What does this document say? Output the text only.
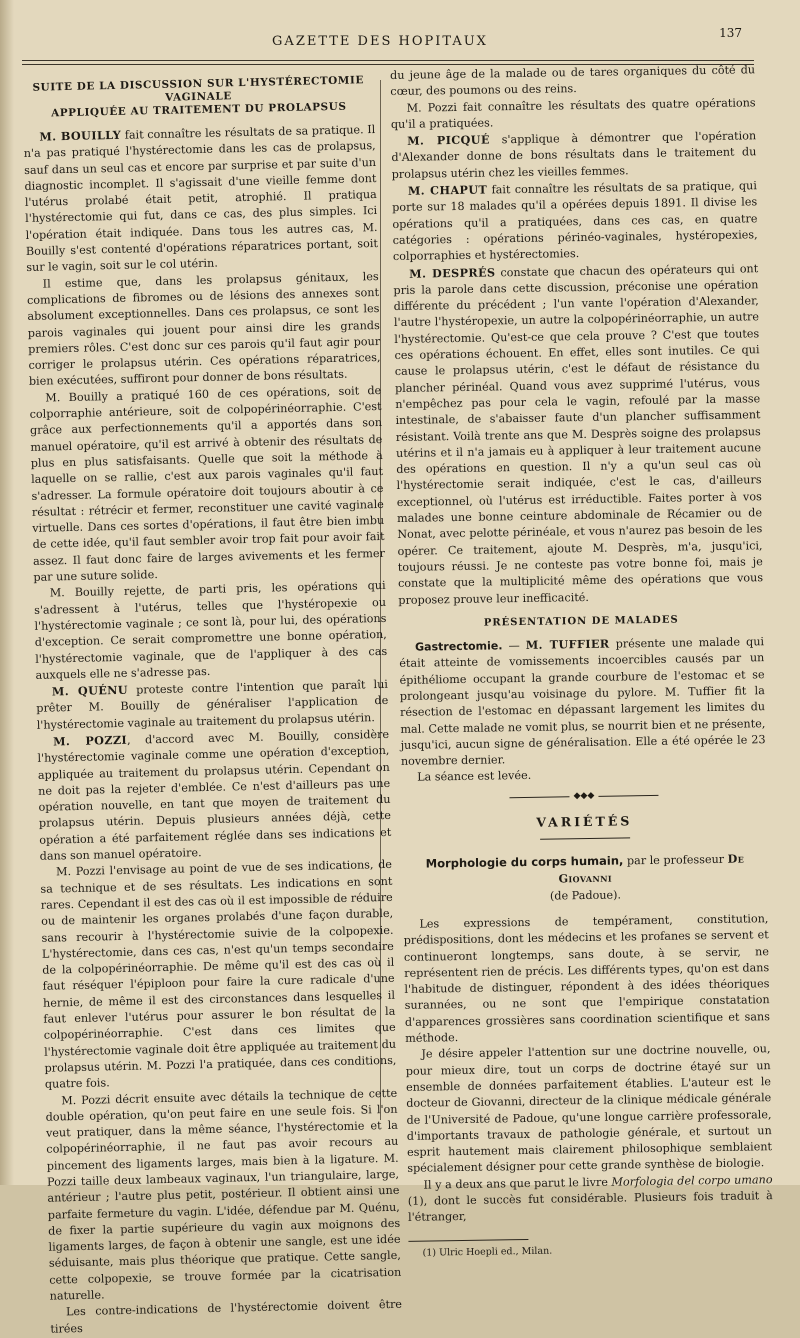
GAZETTE DES HOPITAUX
137
SUITE DE LA DISCUSSION SUR L'HYSTÉRECTOMIE VAGINALE
APPLIQUÉE AU TRAITEMENT DU PROLAPSUS

M. BOUILLY fait connaître les résultats de sa pratique. Il n'a pas pratiqué l'hystérectomie dans les cas de prolapsus, sauf dans un seul cas et encore par surprise et par suite d'un diagnostic incomplet. Il s'agissait d'une vieille femme dont l'utérus prolabé était petit, atrophié. Il pratiqua l'hystérectomie qui fut, dans ce cas, des plus simples. Ici l'opération était indiquée. Dans tous les autres cas, M. Bouilly s'est contenté d'opérations réparatrices portant, soit sur le vagin, soit sur le col utérin.

Il estime que, dans les prolapsus génitaux, les complications de fibromes ou de lésions des annexes sont absolument exceptionnelles. Dans ces prolapsus, ce sont les parois vaginales qui jouent pour ainsi dire les grands premiers rôles. C'est donc sur ces parois qu'il faut agir pour corriger le prolapsus utérin. Ces opérations réparatrices, bien exécutées, suffiront pour donner de bons résultats.

M. Bouilly a pratiqué 160 de ces opérations, soit de colporraphie antérieure, soit de colpopérinéorraphie. C'est grâce aux perfectionnements qu'il a apportés dans son manuel opératoire, qu'il est arrivé à obtenir des résultats de plus en plus satisfaisants. Quelle que soit la méthode à laquelle on se rallie, c'est aux parois vaginales qu'il faut s'adresser. La formule opératoire doit toujours aboutir à ce résultat : rétrécir et fermer, reconstituer une cavité vaginale virtuelle. Dans ces sortes d'opérations, il faut être bien imbu de cette idée, qu'il faut sembler avoir trop fait pour avoir fait assez. Il faut donc faire de larges avivements et les fermer par une suture solide.

M. Bouilly rejette, de parti pris, les opérations qui s'adressent à l'utérus, telles que l'hystéropexie ou l'hystérectomie vaginale ; ce sont là, pour lui, des opérations d'exception. Ce serait compromettre une bonne opération, l'hystérectomie vaginale, que de l'appliquer à des cas auxquels elle ne s'adresse pas.

M. QUÉNU proteste contre l'intention que paraît lui prêter M. Bouilly de généraliser l'application de l'hystérectomie vaginale au traitement du prolapsus utérin.

M. POZZI, d'accord avec M. Bouilly, considère l'hystérectomie vaginale comme une opération d'exception, appliquée au traitement du prolapsus utérin. Cependant on ne doit pas la rejeter d'emblée. Ce n'est d'ailleurs pas une opération nouvelle, en tant que moyen de traitement du prolapsus utérin. Depuis plusieurs années déjà, cette opération a été parfaitement réglée dans ses indications et dans son manuel opératoire.

M. Pozzi l'envisage au point de vue de ses indications, de sa technique et de ses résultats. Les indications en sont rares. Cependant il est des cas où il est impossible de réduire ou de maintenir les organes prolabés d'une façon durable, sans recourir à l'hystérectomie suivie de la colpopexie. L'hystérectomie, dans ces cas, n'est qu'un temps secondaire de la colpopérinéorraphie. De même qu'il est des cas où il faut réséquer l'épiploon pour faire la cure radicale d'une hernie, de même il est des circonstances dans lesquelles il faut enlever l'utérus pour assurer le bon résultat de la colpopérinéorraphie. C'est dans ces limites que l'hystérectomie vaginale doit être appliquée au traitement du prolapsus utérin. M. Pozzi l'a pratiquée, dans ces conditions, quatre fois.

M. Pozzi décrit ensuite avec détails la technique de cette double opération, qu'on peut faire en une seule fois. Si l'on veut pratiquer, dans la même séance, l'hystérectomie et la colpopérinéorraphie, il ne faut pas avoir recours au pincement des ligaments larges, mais bien à la ligature. M. Pozzi taille deux lambeaux vaginaux, l'un triangulaire, large, antérieur ; l'autre plus petit, postérieur. Il obtient ainsi une parfaite fermeture du vagin. L'idée, défendue par M. Quénu, de fixer la partie supérieure du vagin aux moignons des ligaments larges, de façon à obtenir une sangle, est une idée séduisante, mais plus théorique que pratique. Cette sangle, cette colpopexie, se trouve formée par la cicatrisation naturelle.

Les contre-indications de l'hystérectomie doivent être tirées

du jeune âge de la malade ou de tares organiques du côté du cœur, des poumons ou des reins.

M. Pozzi fait connaître les résultats des quatre opérations qu'il a pratiquées.

M. PICQUÉ s'applique à démontrer que l'opération d'Alexander donne de bons résultats dans le traitement du prolapsus utérin chez les vieilles femmes.

M. CHAPUT fait connaître les résultats de sa pratique, qui porte sur 18 malades qu'il a opérées depuis 1891. Il divise les opérations qu'il a pratiquées, dans ces cas, en quatre catégories : opérations périnéo-vaginales, hystéropexies, colporraphies et hystérectomies.

M. DESPRÉS constate que chacun des opérateurs qui ont pris la parole dans cette discussion, préconise une opération différente du précédent ; l'un vante l'opération d'Alexander, l'autre l'hystéropexie, un autre la colpopérinéorraphie, un autre l'hystérectomie. Qu'est-ce que cela prouve ? C'est que toutes ces opérations échouent. En effet, elles sont inutiles. Ce qui cause le prolapsus utérin, c'est le défaut de résistance du plancher périnéal. Quand vous avez supprimé l'utérus, vous n'empêchez pas pour cela le vagin, refoulé par la masse intestinale, de s'abaisser faute d'un plancher suffisamment résistant. Voilà trente ans que M. Desprès soigne des prolapsus utérins et il n'a jamais eu à appliquer à leur traitement aucune des opérations en question. Il n'y a qu'un seul cas où l'hystérectomie serait indiquée, c'est le cas, d'ailleurs exceptionnel, où l'utérus est irréductible. Faites porter à vos malades une bonne ceinture abdominale de Récamier ou de Nonat, avec pelotte périnéale, et vous n'aurez pas besoin de les opérer. Ce traitement, ajoute M. Desprès, m'a, jusqu'ici, toujours réussi. Je ne conteste pas votre bonne foi, mais je constate que la multiplicité même des opérations que vous proposez prouve leur inefficacité.

PRÉSENTATION DE MALADES

Gastrectomie. — M. TUFFIER présente une malade qui était atteinte de vomissements incoercibles causés par un épithéliome occupant la grande courbure de l'estomac et se prolongeant jusqu'au voisinage du pylore. M. Tuffier fit la résection de l'estomac en dépassant largement les limites du mal. Cette malade ne vomit plus, se nourrit bien et ne présente, jusqu'ici, aucun signe de généralisation. Elle a été opérée le 23 novembre dernier.

La séance est levée.

◆◆◆
VARIÉTÉS
Morphologie du corps humain, par le professeur De Giovanni
(de Padoue).

Les expressions de tempérament, constitution, prédispositions, dont les médecins et les profanes se servent et continueront longtemps, sans doute, à se servir, ne représentent rien de précis. Les différents types, qu'on est dans l'habitude de distinguer, répondent à des idées théoriques surannées, ou ne sont que l'empirique constatation d'apparences grossières sans coordination scientifique et sans méthode.

Je désire appeler l'attention sur une doctrine nouvelle, ou, pour mieux dire, tout un corps de doctrine étayé sur un ensemble de données parfaitement établies. L'auteur est le docteur de Giovanni, directeur de la clinique médicale générale de l'Université de Padoue, qu'une longue carrière professorale, d'importants travaux de pathologie générale, et surtout un esprit hautement mais clairement philosophique semblaient spécialement désigner pour cette grande synthèse de biologie.

Il y a deux ans que parut le livre Morfologia del corpo umano (1), dont le succès fut considérable. Plusieurs fois traduit à l'étranger,

(1) Ulric Hoepli ed., Milan.
